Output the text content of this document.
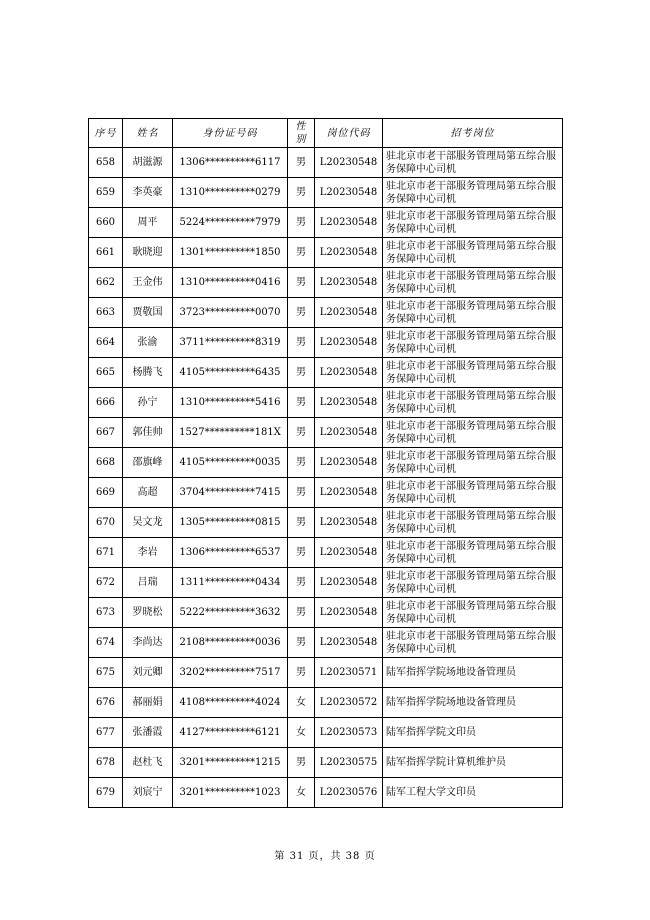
序号	姓名	身份证号码	性别	岗位代码	招考岗位
658	胡滋源	1306**********6117	男	L20230548	驻北京市老干部服务管理局第五综合服务保障中心司机
659	李英豪	1310**********0279	男	L20230548	驻北京市老干部服务管理局第五综合服务保障中心司机
660	周平	5224**********7979	男	L20230548	驻北京市老干部服务管理局第五综合服务保障中心司机
661	耿晓迎	1301**********1850	男	L20230548	驻北京市老干部服务管理局第五综合服务保障中心司机
662	王金伟	1310**********0416	男	L20230548	驻北京市老干部服务管理局第五综合服务保障中心司机
663	贾敬国	3723**********0070	男	L20230548	驻北京市老干部服务管理局第五综合服务保障中心司机
664	张渝	3711**********8319	男	L20230548	驻北京市老干部服务管理局第五综合服务保障中心司机
665	杨腾飞	4105**********6435	男	L20230548	驻北京市老干部服务管理局第五综合服务保障中心司机
666	孙宁	1310**********5416	男	L20230548	驻北京市老干部服务管理局第五综合服务保障中心司机
667	郭佳帅	1527**********181X	男	L20230548	驻北京市老干部服务管理局第五综合服务保障中心司机
668	邵旗峰	4105**********0035	男	L20230548	驻北京市老干部服务管理局第五综合服务保障中心司机
669	高超	3704**********7415	男	L20230548	驻北京市老干部服务管理局第五综合服务保障中心司机
670	吴文龙	1305**********0815	男	L20230548	驻北京市老干部服务管理局第五综合服务保障中心司机
671	李岩	1306**********6537	男	L20230548	驻北京市老干部服务管理局第五综合服务保障中心司机
672	吕瑞	1311**********0434	男	L20230548	驻北京市老干部服务管理局第五综合服务保障中心司机
673	罗晓松	5222**********3632	男	L20230548	驻北京市老干部服务管理局第五综合服务保障中心司机
674	李尚达	2108**********0036	男	L20230548	驻北京市老干部服务管理局第五综合服务保障中心司机
675	刘元卿	3202**********7517	男	L20230571	陆军指挥学院场地设备管理员
676	郝丽娟	4108**********4024	女	L20230572	陆军指挥学院场地设备管理员
677	张潘霞	4127**********6121	女	L20230573	陆军指挥学院文印员
678	赵杜飞	3201**********1215	男	L20230575	陆军指挥学院计算机维护员
679	刘宸宁	3201**********1023	女	L20230576	陆军工程大学文印员
第 31 页，共 38 页
